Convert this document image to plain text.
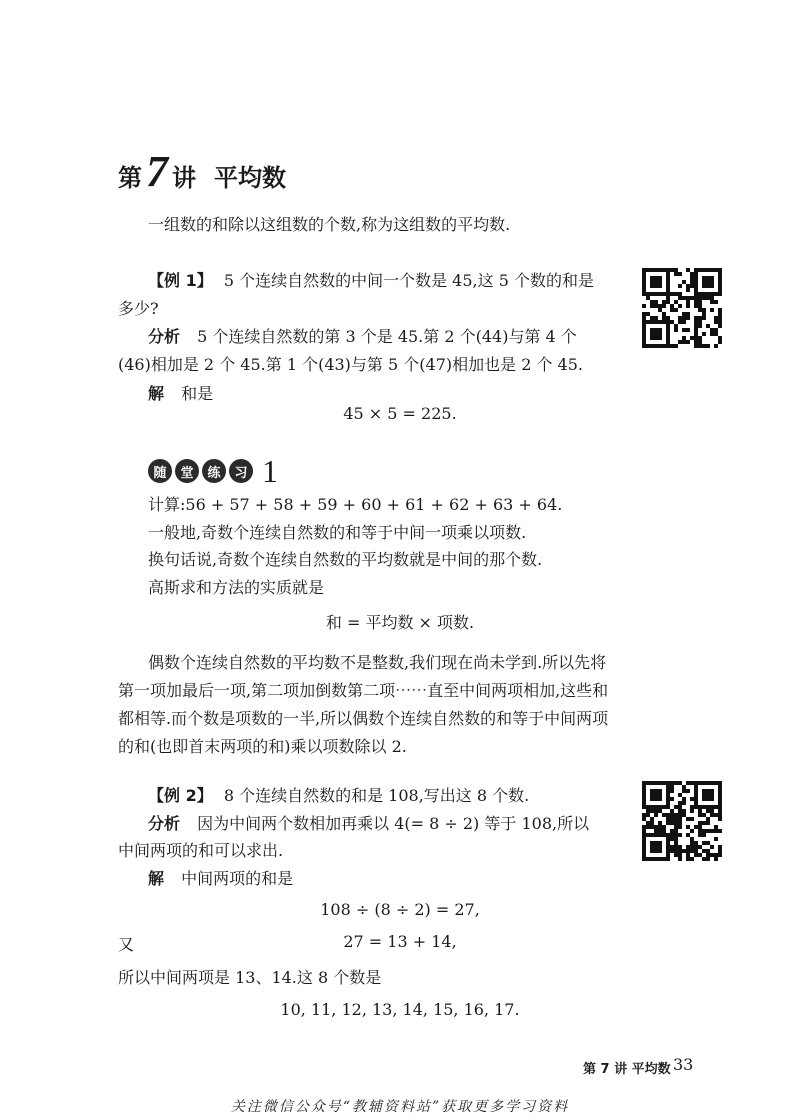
第 7 讲 平均数
一组数的和除以这组数的个数,称为这组数的平均数.
【例 1】 5 个连续自然数的中间一个数是 45,这 5 个数的和是
多少?
分析 5 个连续自然数的第 3 个是 45.第 2 个(44)与第 4 个
(46)相加是 2 个 45.第 1 个(43)与第 5 个(47)相加也是 2 个 45.
解 和是
45 × 5 = 225.
随	堂	练	习 1
计算:56 + 57 + 58 + 59 + 60 + 61 + 62 + 63 + 64.
一般地,奇数个连续自然数的和等于中间一项乘以项数.
换句话说,奇数个连续自然数的平均数就是中间的那个数.
高斯求和方法的实质就是
和 = 平均数 × 项数.
偶数个连续自然数的平均数不是整数,我们现在尚未学到.所以先将
第一项加最后一项,第二项加倒数第二项⋯⋯直至中间两项相加,这些和
都相等.而个数是项数的一半,所以偶数个连续自然数的和等于中间两项
的和(也即首末两项的和)乘以项数除以 2.
【例 2】 8 个连续自然数的和是 108,写出这 8 个数.
分析 因为中间两个数相加再乘以 4(= 8 ÷ 2) 等于 108,所以
中间两项的和可以求出.
解 中间两项的和是
108 ÷ (8 ÷ 2) = 27,
又	27 = 13 + 14,
所以中间两项是 13、14.这 8 个数是
10, 11, 12, 13, 14, 15, 16, 17.
第 7 讲 平均数 33
关注微信公众号“教辅资料站”获取更多学习资料
